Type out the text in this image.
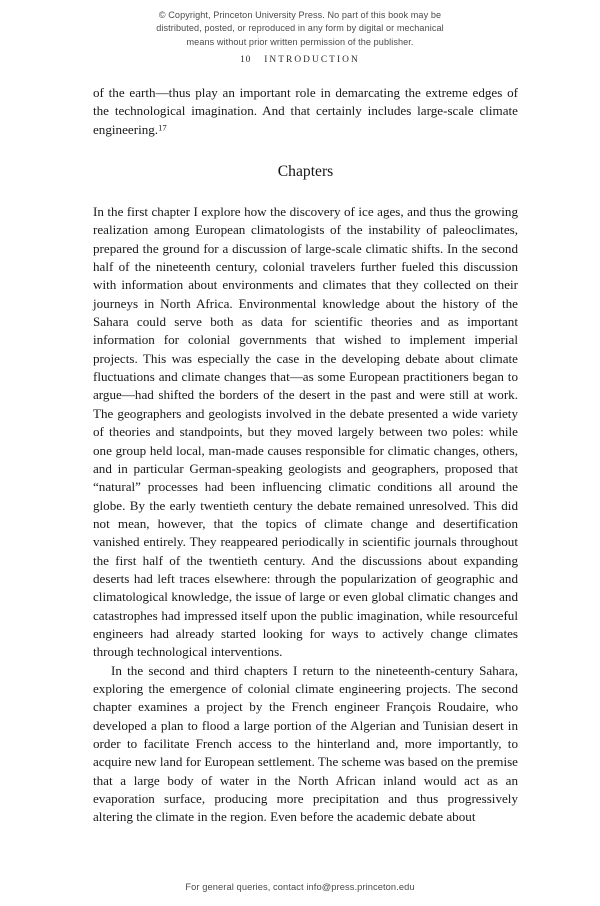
© Copyright, Princeton University Press. No part of this book may be
distributed, posted, or reproduced in any form by digital or mechanical
means without prior written permission of the publisher.
10 INTRODUCTION

of the earth—thus play an important role in demarcating the extreme edges of the technological imagination. And that certainly includes large-scale climate engineering.$^{17}$

Chapters

In the first chapter I explore how the discovery of ice ages, and thus the growing realization among European climatologists of the instability of paleoclimates, prepared the ground for a discussion of large-scale climatic shifts. In the second half of the nineteenth century, colonial travelers further fueled this discussion with information about environments and climates that they collected on their journeys in North Africa. Environmental knowledge about the history of the Sahara could serve both as data for scientific theories and as important information for colonial governments that wished to implement imperial projects. This was especially the case in the developing debate about climate fluctuations and climate changes that—as some European practitioners began to argue—had shifted the borders of the desert in the past and were still at work. The geographers and geologists involved in the debate presented a wide variety of theories and standpoints, but they moved largely between two poles: while one group held local, man-made causes responsible for climatic changes, others, and in particular German-speaking geologists and geographers, proposed that “natural” processes had been influencing climatic conditions all around the globe. By the early twentieth century the debate remained unresolved. This did not mean, however, that the topics of climate change and desertification vanished entirely. They reappeared periodically in scientific journals throughout the first half of the twentieth century. And the discussions about expanding deserts had left traces elsewhere: through the popularization of geographic and climatological knowledge, the issue of large or even global climatic changes and catastrophes had impressed itself upon the public imagination, while resourceful engineers had already started looking for ways to actively change climates through technological interventions.

In the second and third chapters I return to the nineteenth-century Sahara, exploring the emergence of colonial climate engineering projects. The second chapter examines a project by the French engineer François Roudaire, who developed a plan to flood a large portion of the Algerian and Tunisian desert in order to facilitate French access to the hinterland and, more importantly, to acquire new land for European settlement. The scheme was based on the premise that a large body of water in the North African inland would act as an evaporation surface, producing more precipitation and thus progressively altering the climate in the region. Even before the academic debate about

For general queries, contact info@press.princeton.edu
